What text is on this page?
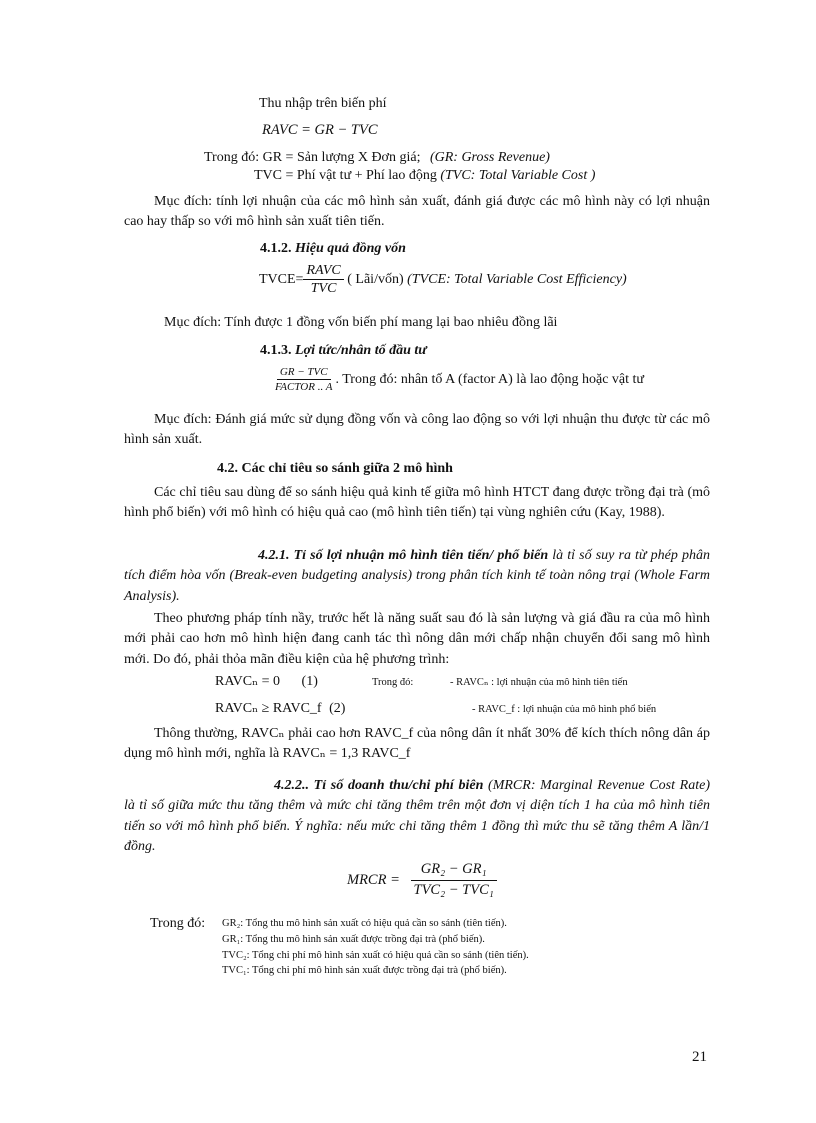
Thu nhập trên biến phí
RAVC = GR − TVC
Trong đó: GR = Sản lượng X Đơn giá; (GR: Gross Revenue)
TVC = Phí vật tư + Phí lao động (TVC: Total Variable Cost )
Mục đích: tính lợi nhuận của các mô hình sản xuất, đánh giá được các mô hình này có lợi nhuận cao hay thấp so với mô hình sản xuất tiên tiến.
4.1.2. Hiệu quả đồng vốn
TVCE= $\frac{\text{RAVC}}{\text{TVC}}$ ( Lãi/vốn) (TVCE: Total Variable Cost Efficiency)
Mục đích: Tính được 1 đồng vốn biến phí mang lại bao nhiêu đồng lãi
4.1.3. Lợi tức/nhân tố đầu tư
$\frac{\text{GR − TVC}}{\text{FACTOR .. A}}$ . Trong đó: nhân tố A (factor A) là lao động hoặc vật tư
Mục đích: Đánh giá mức sử dụng đồng vốn và công lao động so với lợi nhuận thu được từ các mô hình sản xuất.
4.2. Các chỉ tiêu so sánh giữa 2 mô hình
Các chỉ tiêu sau dùng để so sánh hiệu quả kinh tế giữa mô hình HTCT đang được trồng đại trà (mô hình phổ biến) với mô hình có hiệu quả cao (mô hình tiên tiến) tại vùng nghiên cứu (Kay, 1988).
4.2.1. Tỉ số lợi nhuận mô hình tiên tiến/ phổ biến là tỉ số suy ra từ phép phân tích điểm hòa vốn (Break-even budgeting analysis) trong phân tích kinh tế toàn nông trại (Whole Farm Analysis).
Theo phương pháp tính nầy, trước hết là năng suất sau đó là sản lượng và giá đầu ra của mô hình mới phải cao hơn mô hình hiện đang canh tác thì nông dân mới chấp nhận chuyển đổi sang mô hình mới. Do đó, phải thỏa mãn điều kiện của hệ phương trình:
RAVCₙ = 0 (1)	Trong đó:	- RAVCₙ : lợi nhuận của mô hình tiên tiến
RAVCₙ ≥ RAVC_f (2)	- RAVC_f : lợi nhuận của mô hình phổ biến
Thông thường, RAVCₙ phải cao hơn RAVC_f của nông dân ít nhất 30% để kích thích nông dân áp dụng mô hình mới, nghĩa là RAVCₙ = 1,3 RAVC_f
4.2.2.. Tỉ số doanh thu/chi phí biên (MRCR: Marginal Revenue Cost Rate) là tỉ số giữa mức thu tăng thêm và mức chi tăng thêm trên một đơn vị diện tích 1 ha của mô hình tiên tiến so với mô hình phổ biến. Ý nghĩa: nếu mức chi tăng thêm 1 đồng thì mức thu sẽ tăng thêm A lần/1 đồng.
MRCR = $\frac{\text{GR₂ − GR₁}}{\text{TVC₂ − TVC₁}}$
Trong đó: GR₂: Tổng thu mô hình sản xuất có hiệu quả cần so sánh (tiên tiến).
GR₁: Tổng thu mô hình sản xuất được trồng đại trà (phổ biến).
TVC₂: Tổng chi phí mô hình sản xuất có hiệu quả cần so sánh (tiên tiến).
TVC₁: Tổng chi phí mô hình sản xuất được trồng đại trà (phổ biến).
21
